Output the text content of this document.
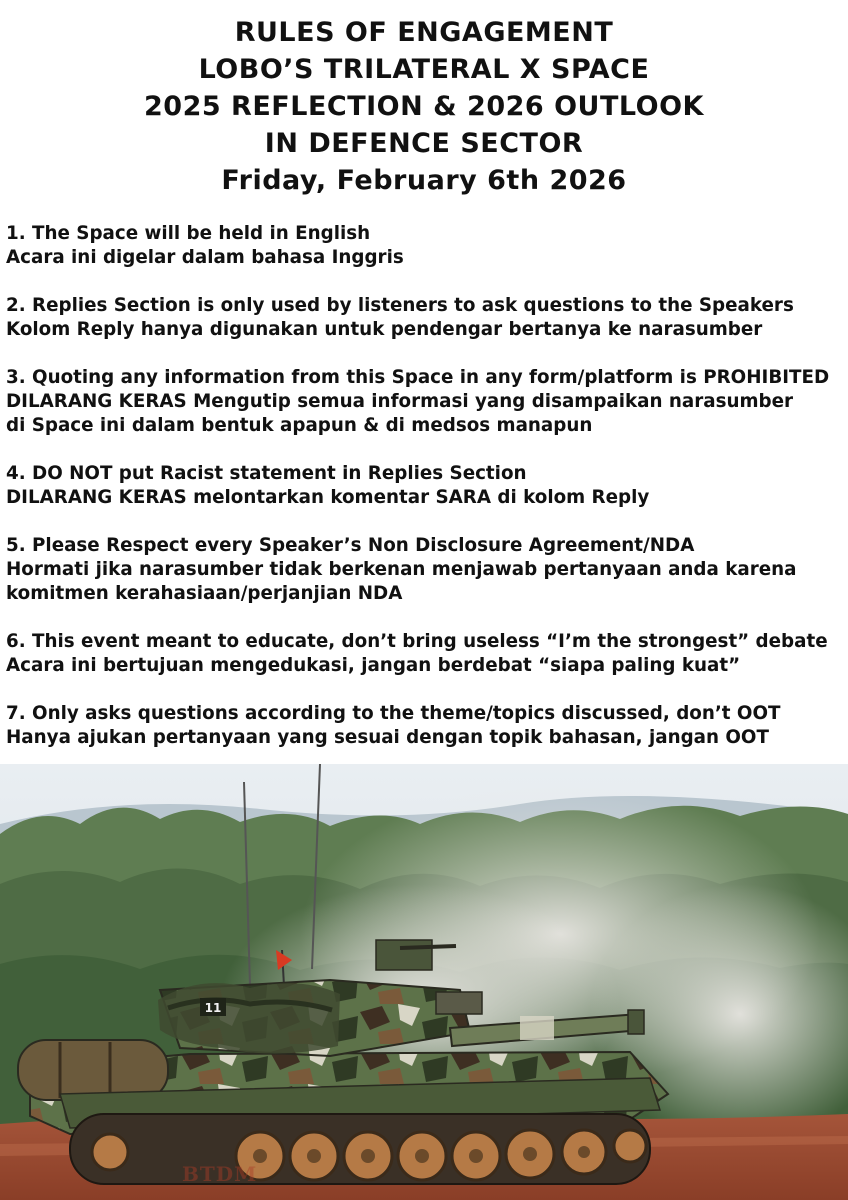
RULES OF ENGAGEMENT
LOBO’S TRILATERAL X SPACE
2025 REFLECTION & 2026 OUTLOOK
IN DEFENCE SECTOR
Friday, February 6th 2026
1. The Space will be held in English
Acara ini digelar dalam bahasa Inggris
2. Replies Section is only used by listeners to ask questions to the Speakers
Kolom Reply hanya digunakan untuk pendengar bertanya ke narasumber
3. Quoting any information from this Space in any form/platform is PROHIBITED
DILARANG KERAS Mengutip semua informasi yang disampaikan narasumber
di Space ini dalam bentuk apapun & di medsos manapun
4. DO NOT put Racist statement in Replies Section
DILARANG KERAS melontarkan komentar SARA di kolom Reply
5. Please Respect every Speaker’s Non Disclosure Agreement/NDA
Hormati jika narasumber tidak berkenan menjawab pertanyaan anda karena
komitmen kerahasiaan/perjanjian NDA
6. This event meant to educate, don’t bring useless “I’m the strongest” debate
Acara ini bertujuan mengedukasi, jangan berdebat “siapa paling kuat”
7. Only asks questions according to the theme/topics discussed, don’t OOT
Hanya ajukan pertanyaan yang sesuai dengan topik bahasan, jangan OOT
11
BTDM
